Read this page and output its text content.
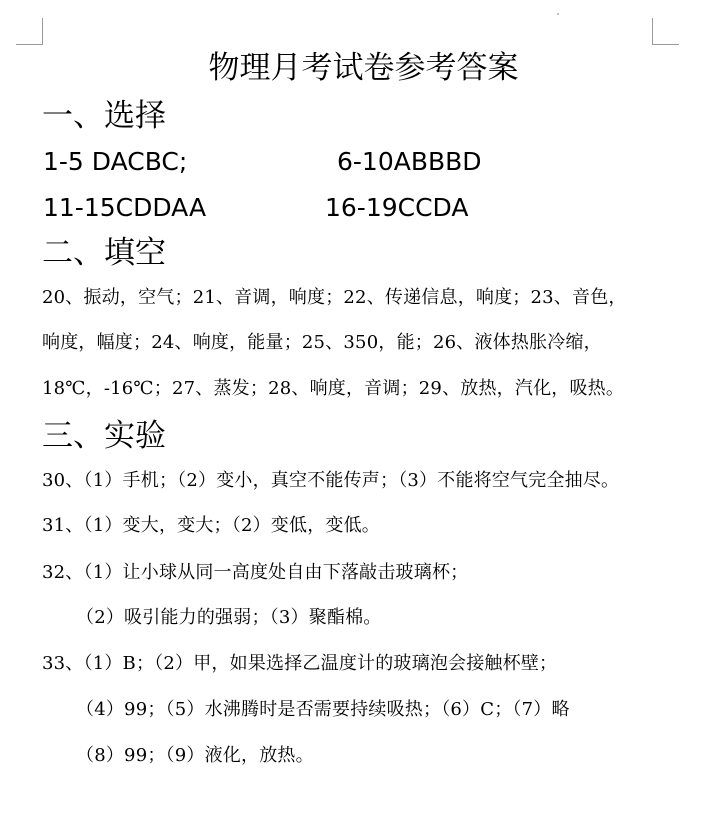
物理月考试卷参考答案
一、选择
1-5 DACBC;	6-10ABBBD
11-15CDDAA	16-19CCDA
二、填空
20、振动，空气；21、音调，响度；22、传递信息，响度；23、音色，
响度，幅度；24、响度，能量；25、350，能；26、液体热胀冷缩，
18℃，-16℃；27、蒸发；28、响度，音调；29、放热，汽化，吸热。
三、实验
30、（1）手机；（2）变小，真空不能传声；（3）不能将空气完全抽尽。
31、（1）变大，变大；（2）变低，变低。
32、（1）让小球从同一高度处自由下落敲击玻璃杯；
（2）吸引能力的强弱；（3）聚酯棉。
33、（1）B；（2）甲，如果选择乙温度计的玻璃泡会接触杯壁；
（4）99；（5）水沸腾时是否需要持续吸热；（6）C；（7）略
（8）99；（9）液化，放热。
